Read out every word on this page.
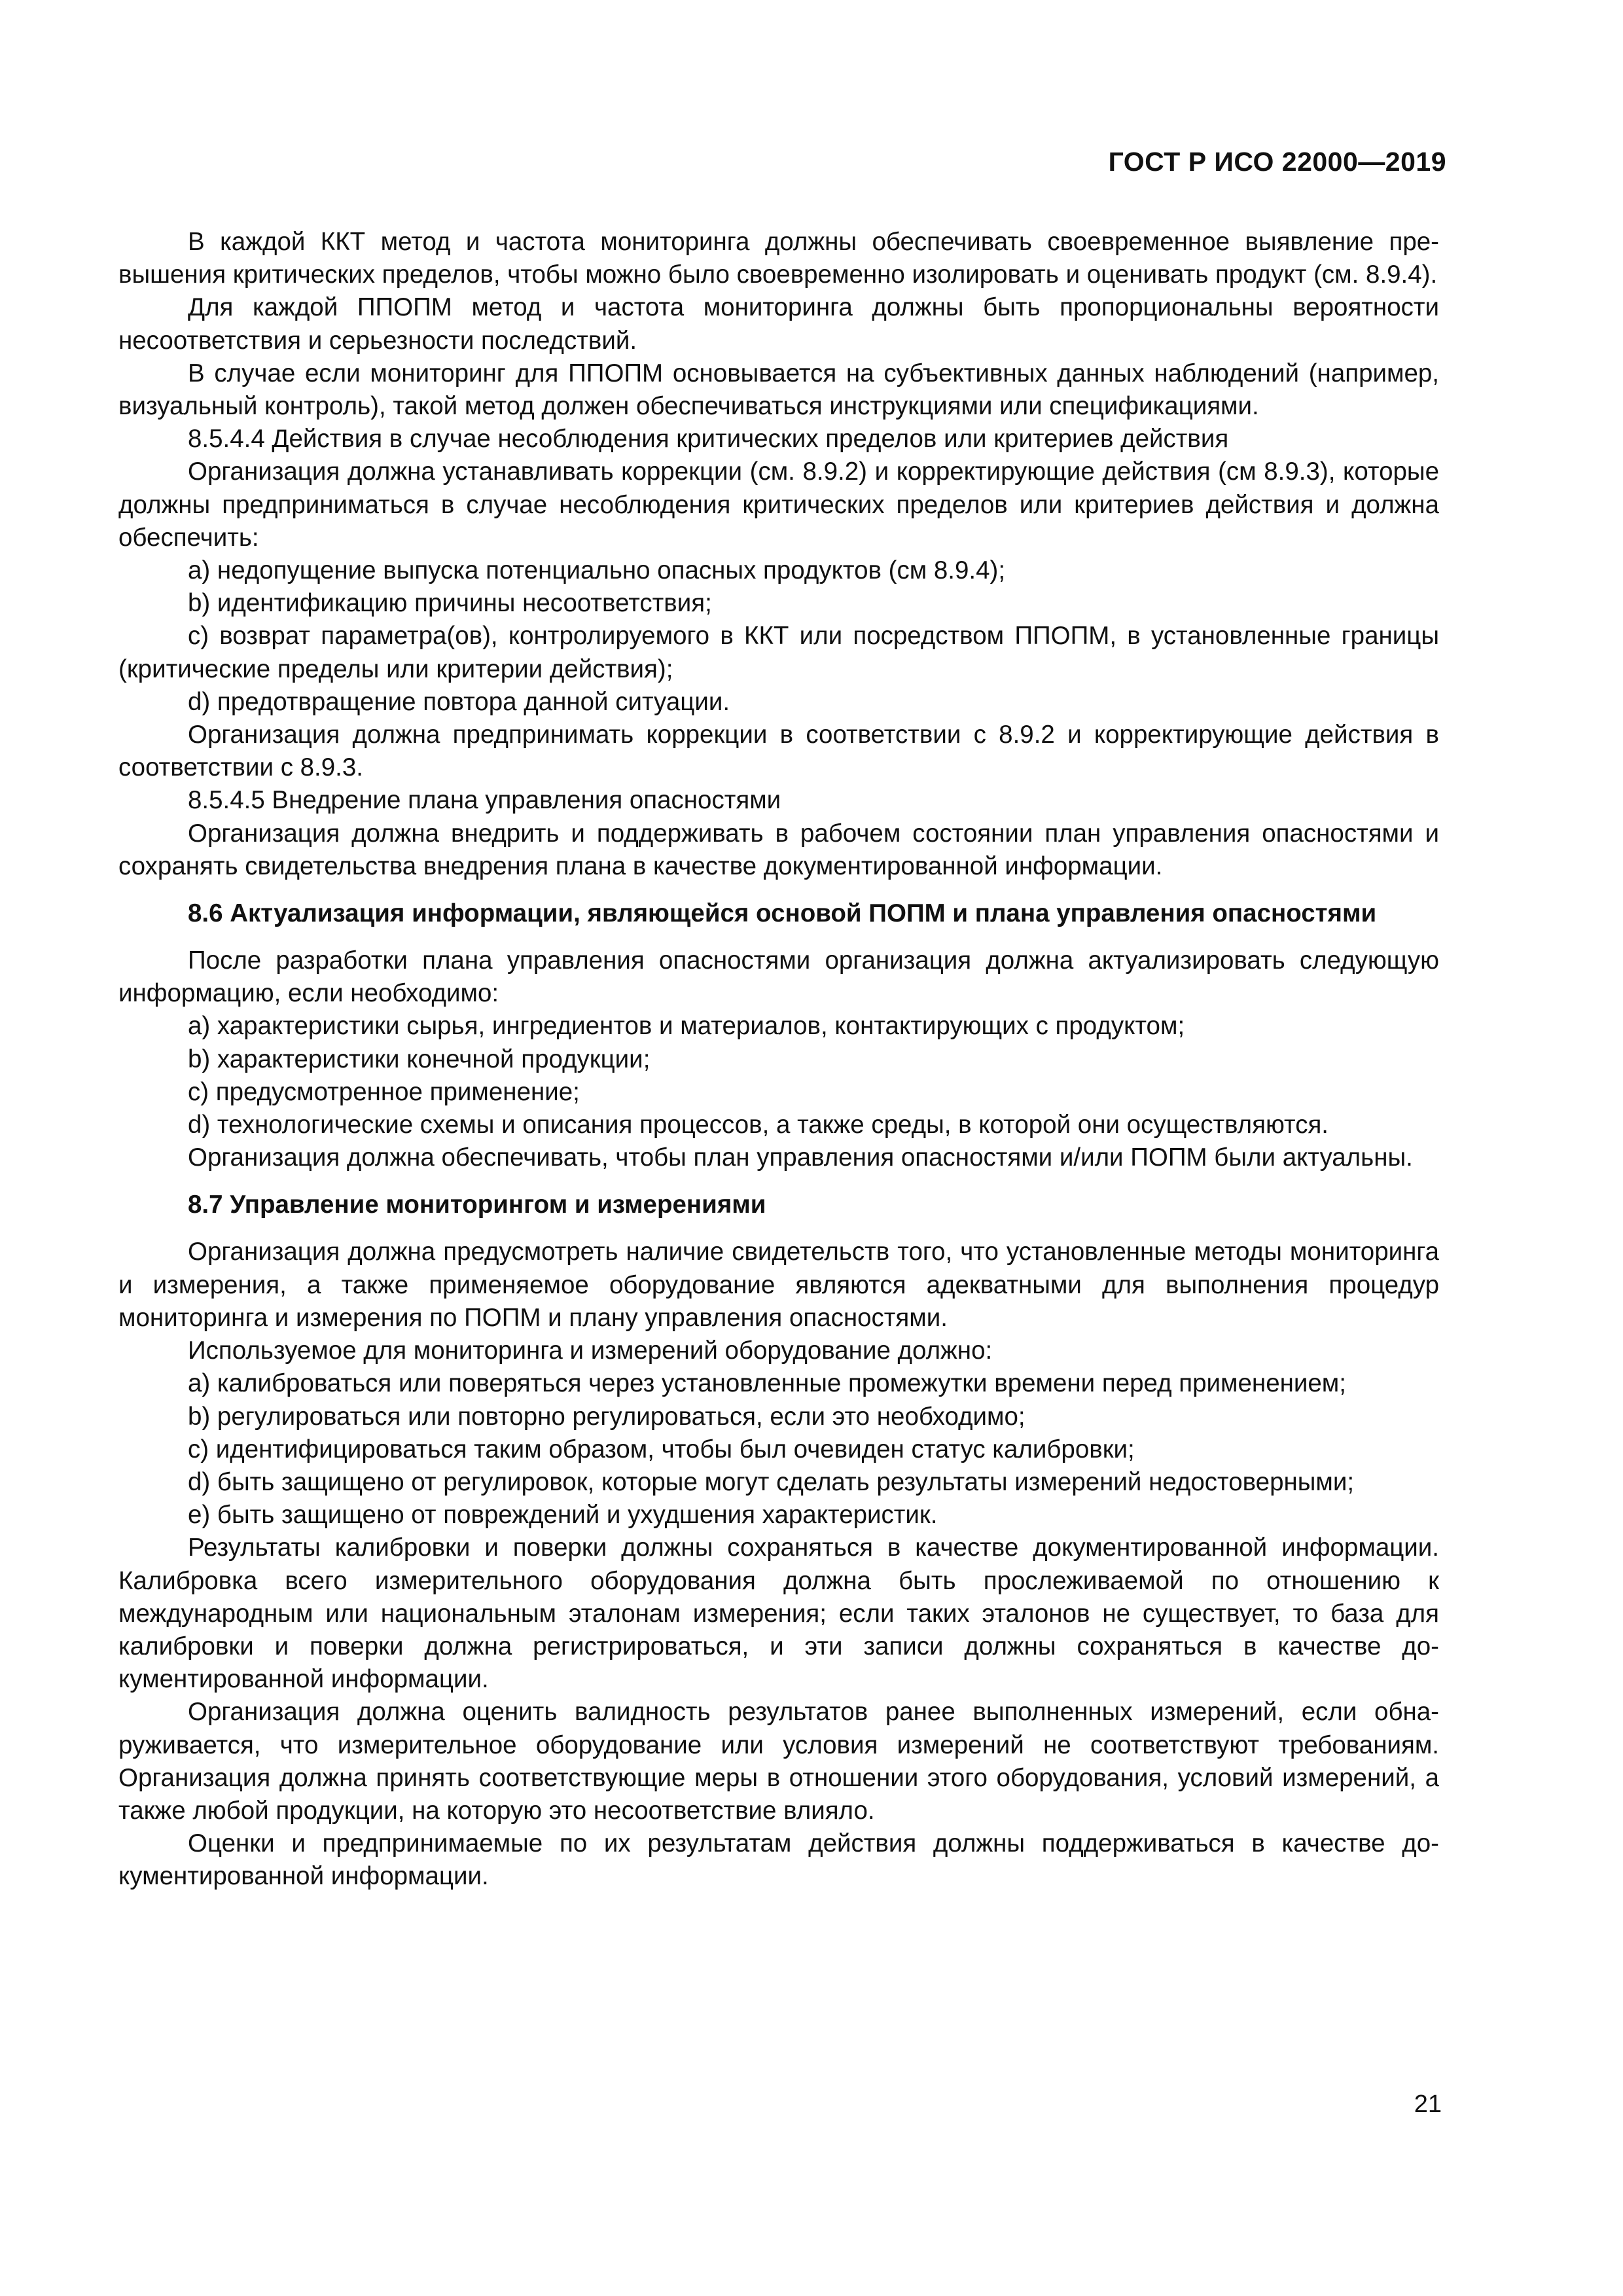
ГОСТ Р ИСО 22000—2019

В каждой ККТ метод и частота мониторинга должны обеспечивать своевременное выявление превышения критических пределов, чтобы можно было своевременно изолировать и оценивать продукт (см. 8.9.4).

Для каждой ППОПМ метод и частота мониторинга должны быть пропорциональны вероятности несоответствия и серьезности последствий.

В случае если мониторинг для ППОПМ основывается на субъективных данных наблюдений (например, визуальный контроль), такой метод должен обеспечиваться инструкциями или спецификациями.

8.5.4.4 Действия в случае несоблюдения критических пределов или критериев действия

Организация должна устанавливать коррекции (см. 8.9.2) и корректирующие действия (см 8.9.3), которые должны предприниматься в случае несоблюдения критических пределов или критериев действия и должна обеспечить:

a) недопущение выпуска потенциально опасных продуктов (см 8.9.4);

b) идентификацию причины несоответствия;

c) возврат параметра(ов), контролируемого в ККТ или посредством ППОПМ, в установленные границы (критические пределы или критерии действия);

d) предотвращение повтора данной ситуации.

Организация должна предпринимать коррекции в соответствии с 8.9.2 и корректирующие действия в соответствии с 8.9.3.

8.5.4.5 Внедрение плана управления опасностями

Организация должна внедрить и поддерживать в рабочем состоянии план управления опасностями и сохранять свидетельства внедрения плана в качестве документированной информации.

8.6 Актуализация информации, являющейся основой ПОПМ и плана управления опасностями

После разработки плана управления опасностями организация должна актуализировать следующую информацию, если необходимо:

a) характеристики сырья, ингредиентов и материалов, контактирующих с продуктом;

b) характеристики конечной продукции;

c) предусмотренное применение;

d) технологические схемы и описания процессов, а также среды, в которой они осуществляются.

Организация должна обеспечивать, чтобы план управления опасностями и/или ПОПМ были актуальны.

8.7 Управление мониторингом и измерениями

Организация должна предусмотреть наличие свидетельств того, что установленные методы мониторинга и измерения, а также применяемое оборудование являются адекватными для выполнения процедур мониторинга и измерения по ПОПМ и плану управления опасностями.

Используемое для мониторинга и измерений оборудование должно:

a) калиброваться или поверяться через установленные промежутки времени перед применением;

b) регулироваться или повторно регулироваться, если это необходимо;

c) идентифицироваться таким образом, чтобы был очевиден статус калибровки;

d) быть защищено от регулировок, которые могут сделать результаты измерений недостоверными;

e) быть защищено от повреждений и ухудшения характеристик.

Результаты калибровки и поверки должны сохраняться в качестве документированной информации. Калибровка всего измерительного оборудования должна быть прослеживаемой по отношению к международным или национальным эталонам измерения; если таких эталонов не существует, то база для калибровки и поверки должна регистрироваться, и эти записи должны сохраняться в качестве документированной информации.

Организация должна оценить валидность результатов ранее выполненных измерений, если обнаруживается, что измерительное оборудование или условия измерений не соответствуют требованиям. Организация должна принять соответствующие меры в отношении этого оборудования, условий измерений, а также любой продукции, на которую это несоответствие влияло.

Оценки и предпринимаемые по их результатам действия должны поддерживаться в качестве документированной информации.

21
